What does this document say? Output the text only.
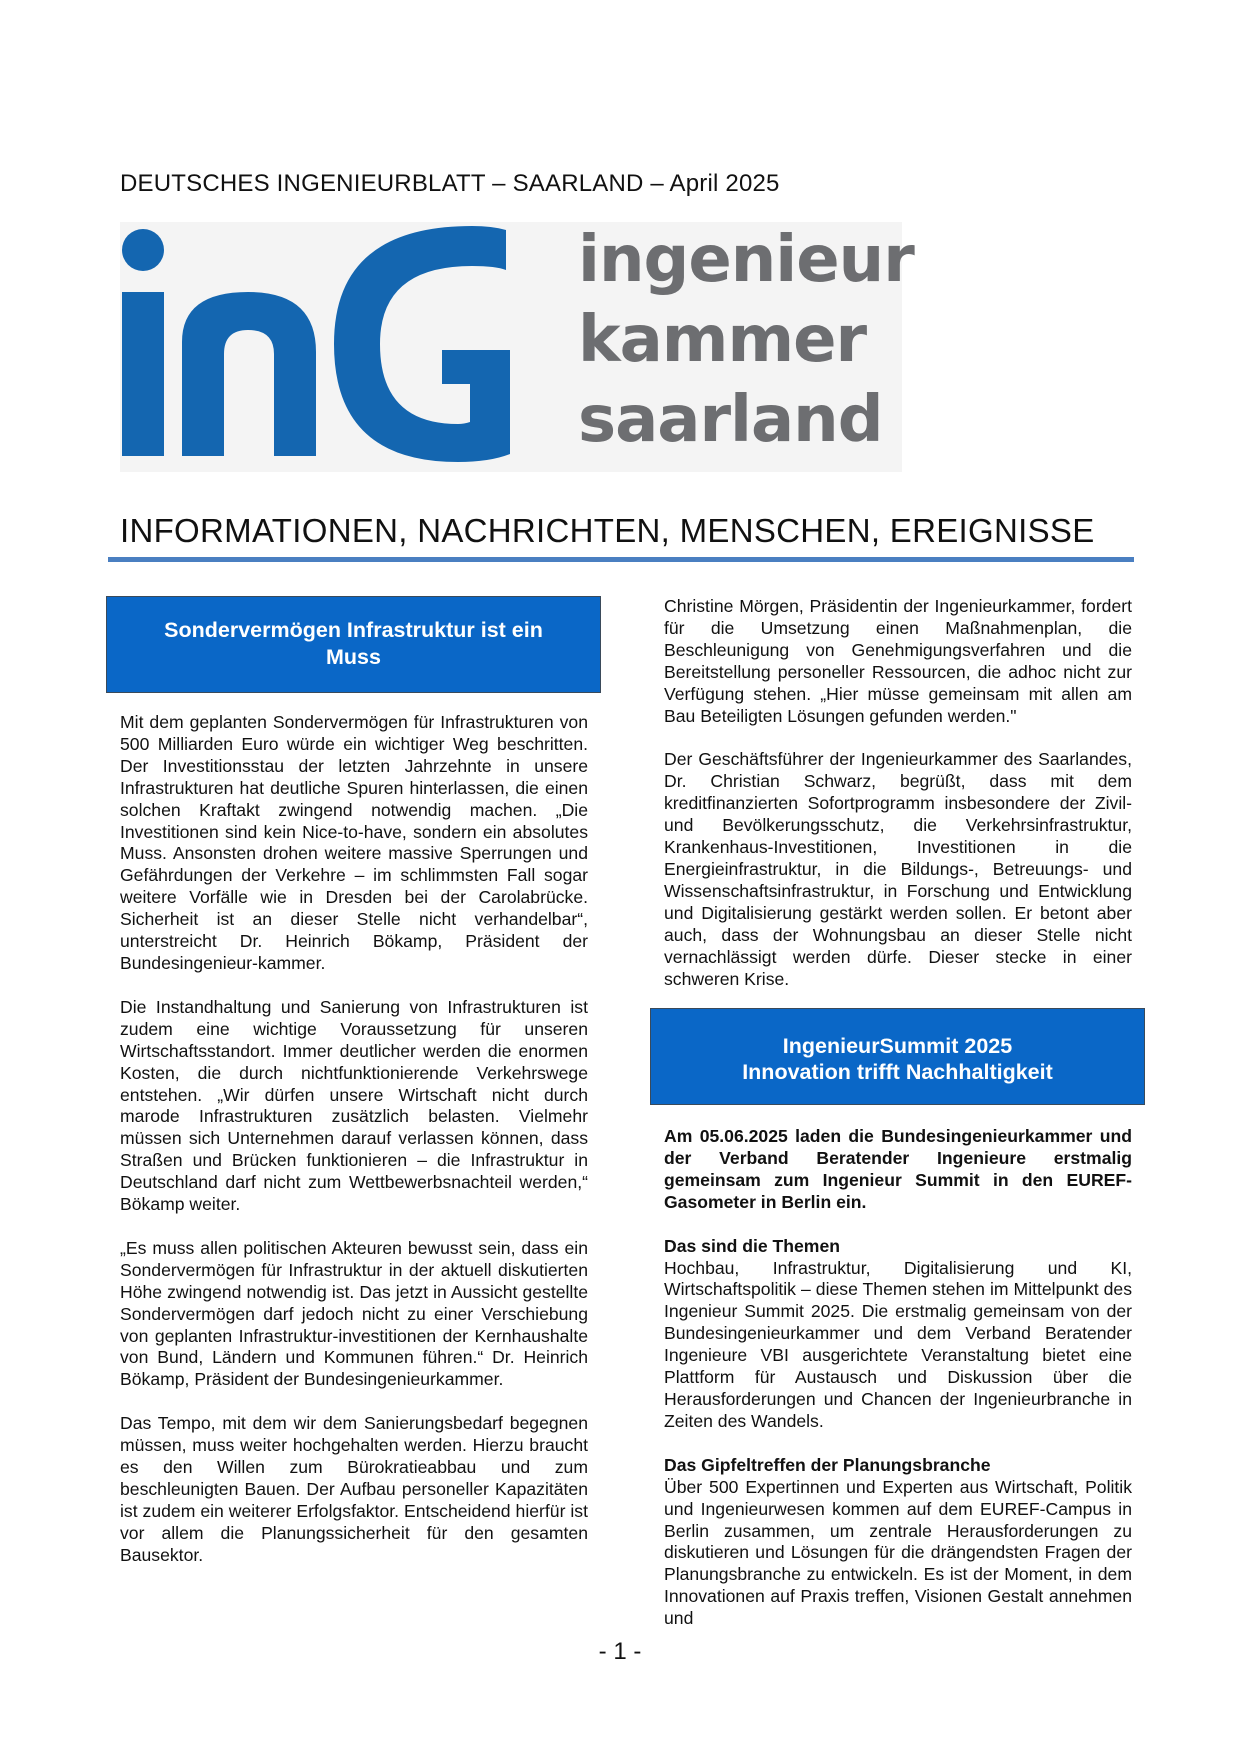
DEUTSCHES INGENIEURBLATT – SAARLAND – April 2025
ingenieur
kammer
saarland
INFORMATIONEN, NACHRICHTEN, MENSCHEN, EREIGNISSE
Sondervermögen Infrastruktur ist ein
Muss

Mit dem geplanten Sondervermögen für Infrastrukturen von 500 Milliarden Euro würde ein wichtiger Weg beschritten. Der Investitionsstau der letzten Jahrzehnte in unsere Infrastrukturen hat deutliche Spuren hinterlassen, die einen solchen Kraftakt zwingend notwendig machen. „Die Investitionen sind kein Nice-to-have, sondern ein absolutes Muss. Ansonsten drohen weitere massive Sperrungen und Gefährdungen der Verkehre – im schlimmsten Fall sogar weitere Vorfälle wie in Dresden bei der Carolabrücke. Sicherheit ist an dieser Stelle nicht verhandelbar“, unterstreicht Dr. Heinrich Bökamp, Präsident der Bundesingenieur-kammer.

Die Instandhaltung und Sanierung von Infrastrukturen ist zudem eine wichtige Voraussetzung für unseren Wirtschaftsstandort. Immer deutlicher werden die enormen Kosten, die durch nichtfunktionierende Verkehrswege entstehen. „Wir dürfen unsere Wirtschaft nicht durch marode Infrastrukturen zusätzlich belasten. Vielmehr müssen sich Unternehmen darauf verlassen können, dass Straßen und Brücken funktionieren – die Infrastruktur in Deutschland darf nicht zum Wettbewerbsnachteil werden,“ Bökamp weiter.

„Es muss allen politischen Akteuren bewusst sein, dass ein Sondervermögen für Infrastruktur in der aktuell diskutierten Höhe zwingend notwendig ist. Das jetzt in Aussicht gestellte Sondervermögen darf jedoch nicht zu einer Verschiebung von geplanten Infrastruktur-investitionen der Kernhaushalte von Bund, Ländern und Kommunen führen.“ Dr. Heinrich Bökamp, Präsident der Bundesingenieurkammer.

Das Tempo, mit dem wir dem Sanierungsbedarf begegnen müssen, muss weiter hochgehalten werden. Hierzu braucht es den Willen zum Bürokratieabbau und zum beschleunigten Bauen. Der Aufbau personeller Kapazitäten ist zudem ein weiterer Erfolgsfaktor. Entscheidend hierfür ist vor allem die Planungssicherheit für den gesamten Bausektor.

Christine Mörgen, Präsidentin der Ingenieurkammer, fordert für die Umsetzung einen Maßnahmenplan, die Beschleunigung von Genehmigungsverfahren und die Bereitstellung personeller Ressourcen, die adhoc nicht zur Verfügung stehen. „Hier müsse gemeinsam mit allen am Bau Beteiligten Lösungen gefunden werden."

Der Geschäftsführer der Ingenieurkammer des Saarlandes, Dr. Christian Schwarz, begrüßt, dass mit dem kreditfinanzierten Sofortprogramm insbesondere der Zivil- und Bevölkerungsschutz, die Verkehrsinfrastruktur, Krankenhaus-Investitionen, Investitionen in die Energieinfrastruktur, in die Bildungs-, Betreuungs- und Wissenschaftsinfrastruktur, in Forschung und Entwicklung und Digitalisierung gestärkt werden sollen. Er betont aber auch, dass der Wohnungsbau an dieser Stelle nicht vernachlässigt werden dürfe. Dieser stecke in einer schweren Krise.

IngenieurSummit 2025
Innovation trifft Nachhaltigkeit

Am 05.06.2025 laden die Bundesingenieurkammer und der Verband Beratender Ingenieure erstmalig gemeinsam zum Ingenieur Summit in den EUREF-Gasometer in Berlin ein.

Das sind die Themen

Hochbau, Infrastruktur, Digitalisierung und KI, Wirtschaftspolitik – diese Themen stehen im Mittelpunkt des Ingenieur Summit 2025. Die erstmalig gemeinsam von der Bundesingenieurkammer und dem Verband Beratender Ingenieure VBI ausgerichtete Veranstaltung bietet eine Plattform für Austausch und Diskussion über die Herausforderungen und Chancen der Ingenieurbranche in Zeiten des Wandels.

Das Gipfeltreffen der Planungsbranche

Über 500 Expertinnen und Experten aus Wirtschaft, Politik und Ingenieurwesen kommen auf dem EUREF-Campus in Berlin zusammen, um zentrale Herausforderungen zu diskutieren und Lösungen für die drängendsten Fragen der Planungsbranche zu entwickeln. Es ist der Moment, in dem Innovationen auf Praxis treffen, Visionen Gestalt annehmen und

- 1 -
